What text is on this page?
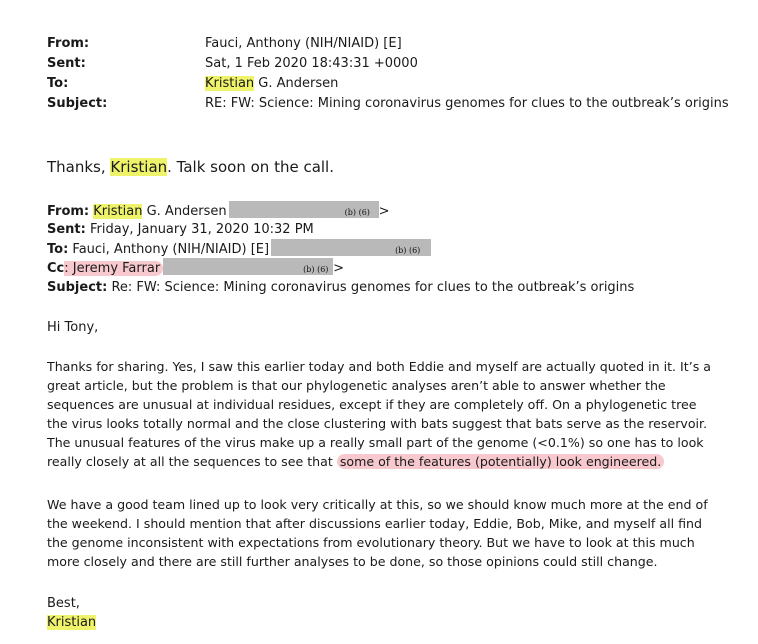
From:	Fauci, Anthony (NIH/NIAID) [E]
Sent:	Sat, 1 Feb 2020 18:43:31 +0000
To:	Kristian G. Andersen
Subject:	RE: FW: Science: Mining coronavirus genomes for clues to the outbreak’s origins
Thanks, Kristian. Talk soon on the call.
From: Kristian G. Andersen	(b) (6) >
Sent: Friday, January 31, 2020 10:32 PM
To: Fauci, Anthony (NIH/NIAID) [E]	(b) (6)
Cc: Jeremy Farrar	(b) (6) >
Subject: Re: FW: Science: Mining coronavirus genomes for clues to the outbreak’s origins
Hi Tony,
Thanks for sharing. Yes, I saw this earlier today and both Eddie and myself are actually quoted in it. It’s a
great article, but the problem is that our phylogenetic analyses aren’t able to answer whether the
sequences are unusual at individual residues, except if they are completely off. On a phylogenetic tree
the virus looks totally normal and the close clustering with bats suggest that bats serve as the reservoir.
The unusual features of the virus make up a really small part of the genome (<0.1%) so one has to look
really closely at all the sequences to see that some of the features (potentially) look engineered.
We have a good team lined up to look very critically at this, so we should know much more at the end of
the weekend. I should mention that after discussions earlier today, Eddie, Bob, Mike, and myself all find
the genome inconsistent with expectations from evolutionary theory. But we have to look at this much
more closely and there are still further analyses to be done, so those opinions could still change.
Best,
Kristian
